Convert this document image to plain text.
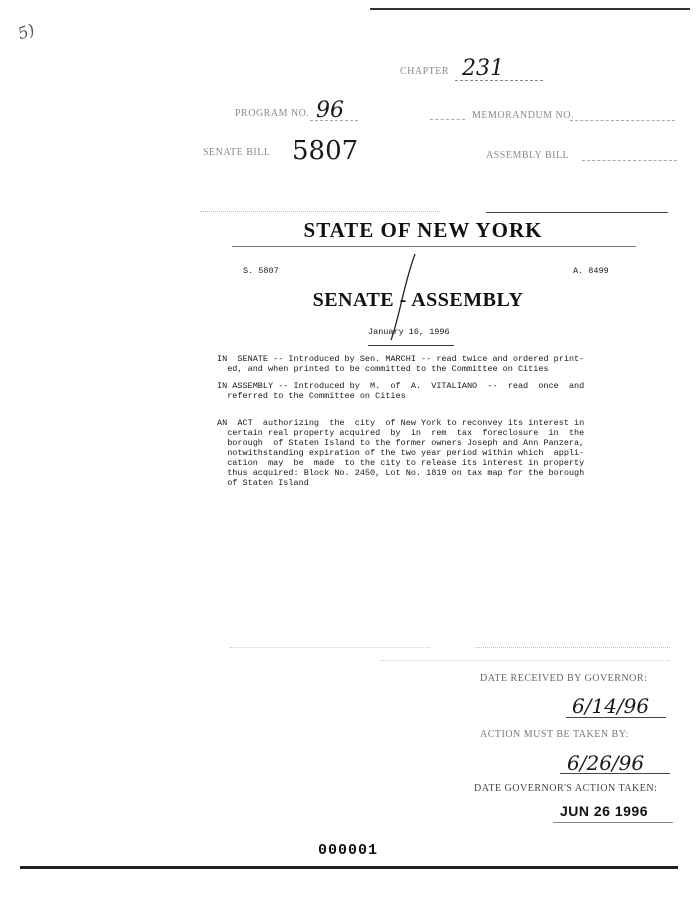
5)
CHAPTER 231
PROGRAM NO. 96	MEMORANDUM NO.
SENATE BILL 5807	ASSEMBLY BILL
STATE OF NEW YORK
S. 5807	A. 8499
SENATE - ASSEMBLY
January 16, 1996

IN  SENATE -- Introduced by Sen. MARCHI -- read twice and ordered print-

ed, and when printed to be committed to the Committee on Cities

IN ASSEMBLY -- Introduced by  M.  of  A.  VITALIANO  --  read  once  and

referred to the Committee on Cities

AN  ACT  authorizing  the  city  of New York to reconvey its interest in

certain real property acquired  by  in  rem  tax  foreclosure  in  the

borough  of Staten Island to the former owners Joseph and Ann Panzera,

notwithstanding expiration of the two year period within which  appli-

cation  may  be  made  to the city to release its interest in property

thus acquired: Block No. 2450, Lot No. 1819 on tax map for the borough

of Staten Island

DATE RECEIVED BY GOVERNOR:
6/14/96
ACTION MUST BE TAKEN BY:
6/26/96
DATE GOVERNOR'S ACTION TAKEN:
JUN 26 1996
000001
